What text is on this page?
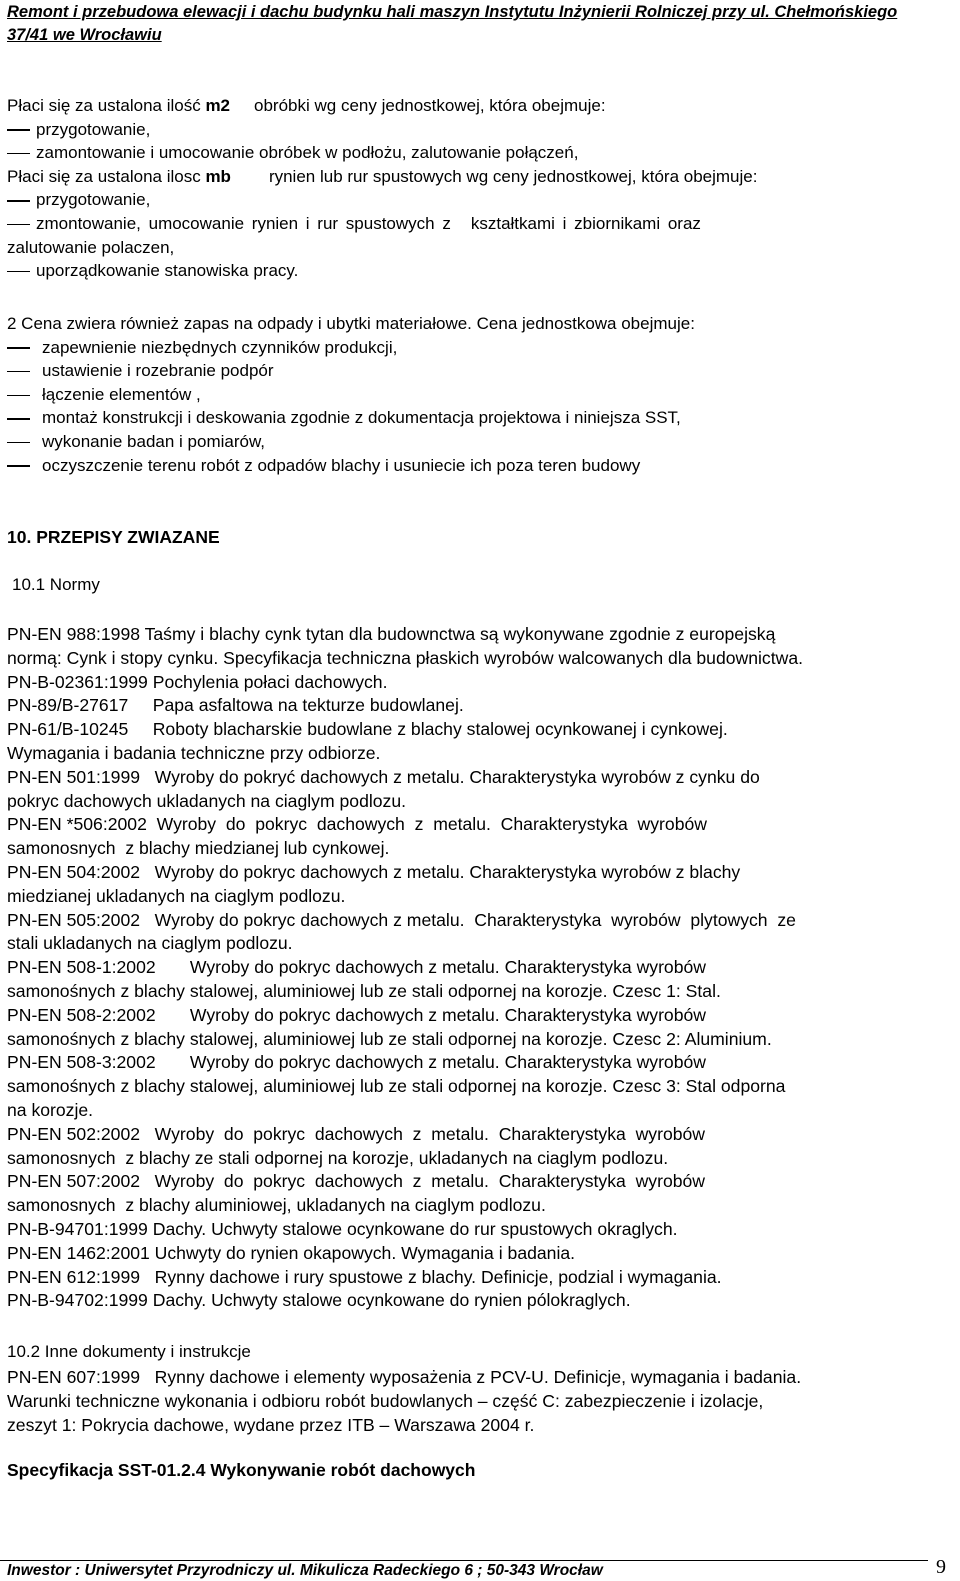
Remont i przebudowa elewacji i dachu budynku hali maszyn Instytutu Inżynierii Rolniczej przy ul. Chełmońskiego
37/41 we Wrocławiu
Płaci się za ustalona ilość m2 obróbki wg ceny jednostkowej, która obejmuje:
przygotowanie,
zamontowanie i umocowanie obróbek w podłożu, zalutowanie połączeń,
Płaci się za ustalona ilosc mb rynien lub rur spustowych wg ceny jednostkowej, która obejmuje:
przygotowanie,
zmontowanie, umocowanie rynien i rur spustowych z kształtkami i zbiornikami oraz
zalutowanie polaczen,
uporządkowanie stanowiska pracy.
2 Cena zwiera również zapas na odpady i ubytki materiałowe. Cena jednostkowa obejmuje:
zapewnienie niezbędnych czynników produkcji,
ustawienie i rozebranie podpór
łączenie elementów ,
montaż konstrukcji i deskowania zgodnie z dokumentacja projektowa i niniejsza SST,
wykonanie badan i pomiarów,
oczyszczenie terenu robót z odpadów blachy i usuniecie ich poza teren budowy
10. PRZEPISY ZWIAZANE
10.1 Normy
PN-EN 988:1998 Taśmy i blachy cynk tytan dla budownctwa są wykonywane zgodnie z europejską
normą: Cynk i stopy cynku. Specyfikacja techniczna płaskich wyrobów walcowanych dla budownictwa.
PN-B-02361:1999 Pochylenia połaci dachowych.
PN-89/B-27617     Papa asfaltowa na tekturze budowlanej.
PN-61/B-10245     Roboty blacharskie budowlane z blachy stalowej ocynkowanej i cynkowej.
Wymagania i badania techniczne przy odbiorze.
PN-EN 501:1999   Wyroby do pokryć dachowych z metalu. Charakterystyka wyrobów z cynku do
pokryc dachowych ukladanych na ciaglym podlozu.
PN-EN *506:2002  Wyroby  do  pokryc  dachowych  z  metalu.  Charakterystyka  wyrobów
samonosnych  z blachy miedzianej lub cynkowej.
PN-EN 504:2002   Wyroby do pokryc dachowych z metalu. Charakterystyka wyrobów z blachy
miedzianej ukladanych na ciaglym podlozu.
PN-EN 505:2002   Wyroby do pokryc dachowych z metalu.  Charakterystyka  wyrobów  plytowych  ze
stali ukladanych na ciaglym podlozu.
PN-EN 508-1:2002       Wyroby do pokryc dachowych z metalu. Charakterystyka wyrobów
samonośnych z blachy stalowej, aluminiowej lub ze stali odpornej na korozje. Czesc 1: Stal.
PN-EN 508-2:2002       Wyroby do pokryc dachowych z metalu. Charakterystyka wyrobów
samonośnych z blachy stalowej, aluminiowej lub ze stali odpornej na korozje. Czesc 2: Aluminium.
PN-EN 508-3:2002       Wyroby do pokryc dachowych z metalu. Charakterystyka wyrobów
samonośnych z blachy stalowej, aluminiowej lub ze stali odpornej na korozje. Czesc 3: Stal odporna
na korozje.
PN-EN 502:2002   Wyroby  do  pokryc  dachowych  z  metalu.  Charakterystyka  wyrobów
samonosnych  z blachy ze stali odpornej na korozje, ukladanych na ciaglym podlozu.
PN-EN 507:2002   Wyroby  do  pokryc  dachowych  z  metalu.  Charakterystyka  wyrobów
samonosnych  z blachy aluminiowej, ukladanych na ciaglym podlozu.
PN-B-94701:1999 Dachy. Uchwyty stalowe ocynkowane do rur spustowych okraglych.
PN-EN 1462:2001 Uchwyty do rynien okapowych. Wymagania i badania.
PN-EN 612:1999   Rynny dachowe i rury spustowe z blachy. Definicje, podzial i wymagania.
PN-B-94702:1999 Dachy. Uchwyty stalowe ocynkowane do rynien pólokraglych.
10.2 Inne dokumenty i instrukcje
PN-EN 607:1999   Rynny dachowe i elementy wyposażenia z PCV-U. Definicje, wymagania i badania.
Warunki techniczne wykonania i odbioru robót budowlanych – część C: zabezpieczenie i izolacje,
zeszyt 1: Pokrycia dachowe, wydane przez ITB – Warszawa 2004 r.
Specyfikacja SST-01.2.4 Wykonywanie robót dachowych
Inwestor : Uniwersytet Przyrodniczy ul. Mikulicza Radeckiego 6 ; 50-343 Wrocław	9
